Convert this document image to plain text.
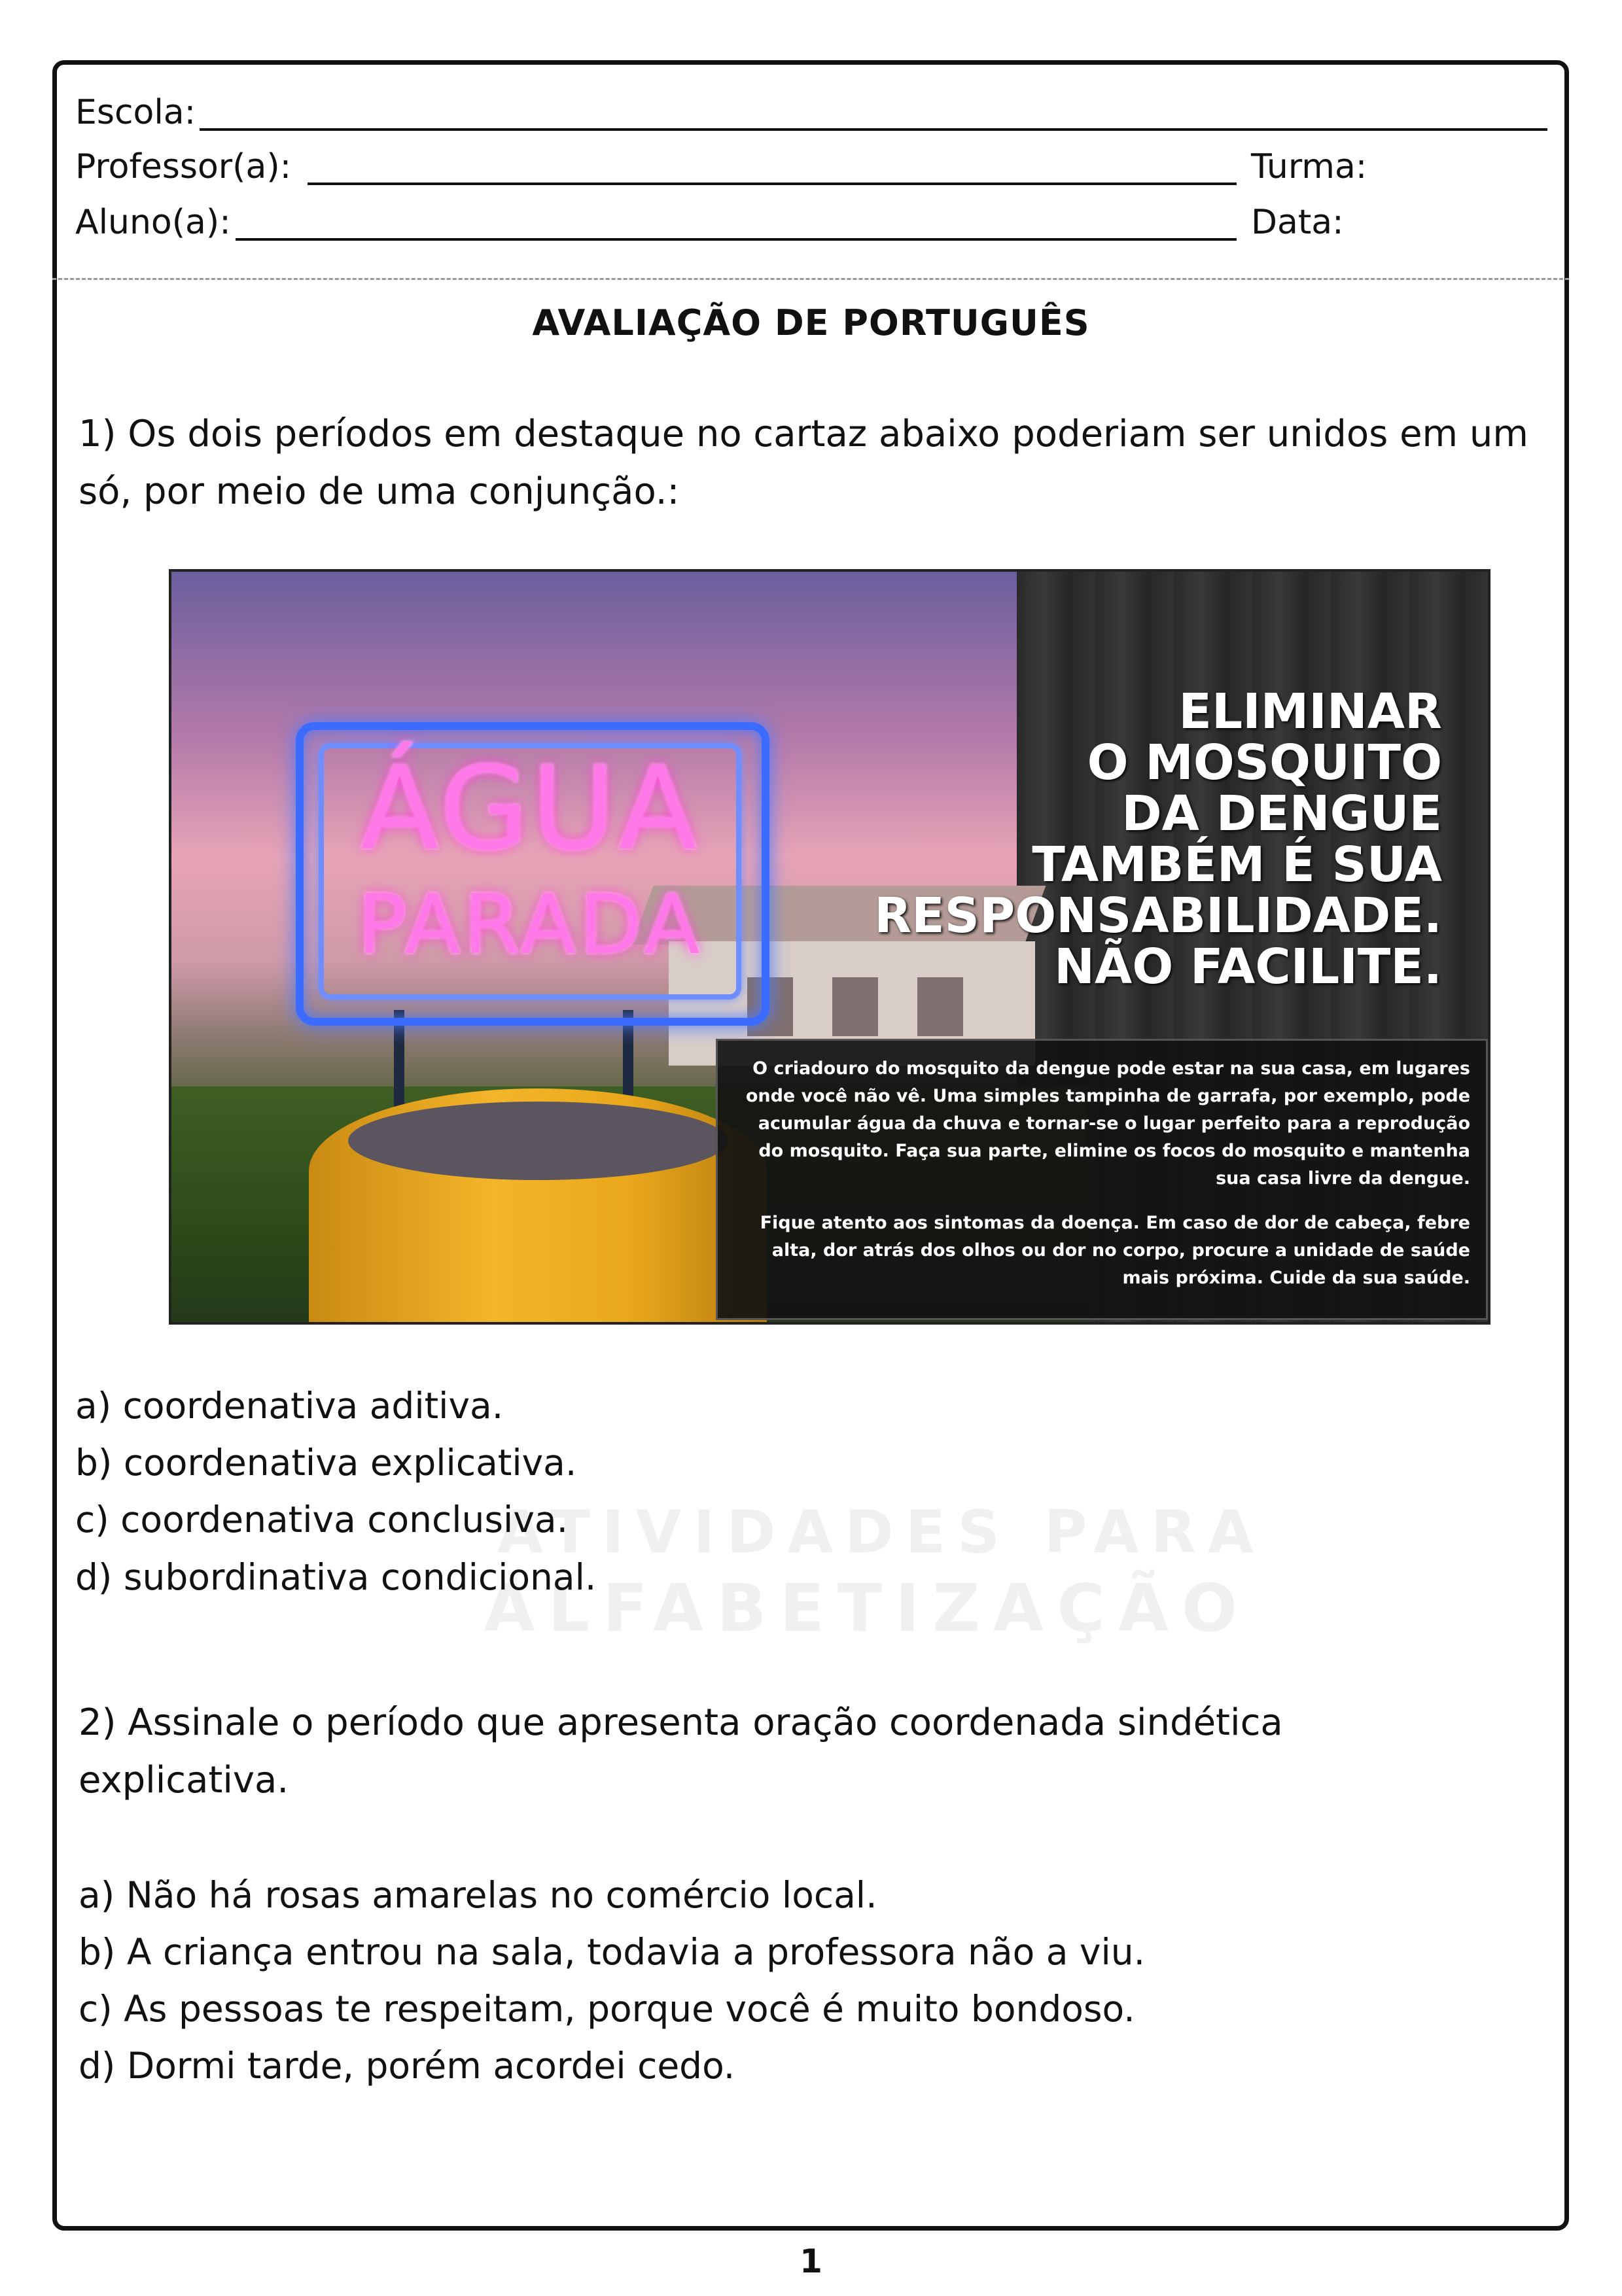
ATIVIDADES PARA
ALFABETIZAÇÃO
Escola:
Professor(a):	Turma:
Aluno(a):	Data:
AVALIAÇÃO DE PORTUGUÊS
1) Os dois períodos em destaque no cartaz abaixo poderiam ser unidos em um só, por meio de uma conjunção.:
ÁGUA
PARADA
ELIMINAR
O MOSQUITO
DA DENGUE
TAMBÉM É SUA
RESPONSABILIDADE.
NÃO FACILITE.

O criadouro do mosquito da dengue pode estar na sua casa, em lugares onde você não vê. Uma simples tampinha de garrafa, por exemplo, pode acumular água da chuva e tornar-se o lugar perfeito para a reprodução do mosquito. Faça sua parte, elimine os focos do mosquito e mantenha sua casa livre da dengue.

Fique atento aos sintomas da doença. Em caso de dor de cabeça, febre alta, dor atrás dos olhos ou dor no corpo, procure a unidade de saúde mais próxima. Cuide da sua saúde.

a) coordenativa aditiva.
b) coordenativa explicativa.
c) coordenativa conclusiva.
d) subordinativa condicional.
2) Assinale o período que apresenta oração coordenada sindética explicativa.
a) Não há rosas amarelas no comércio local.
b) A criança entrou na sala, todavia a professora não a viu.
c) As pessoas te respeitam, porque você é muito bondoso.
d) Dormi tarde, porém acordei cedo.
1
